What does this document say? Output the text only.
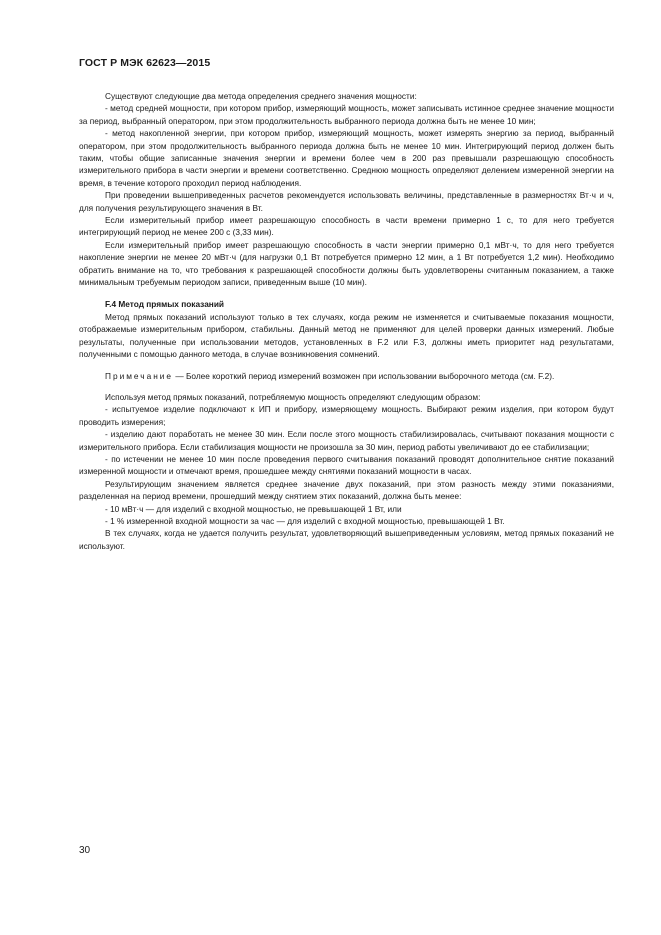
ГОСТ Р МЭК 62623—2015

Существуют следующие два метода определения среднего значения мощности:

- метод средней мощности, при котором прибор, измеряющий мощность, может записывать истинное среднее значение мощности за период, выбранный оператором, при этом продолжительность выбранного периода должна быть не менее 10 мин;

- метод накопленной энергии, при котором прибор, измеряющий мощность, может измерять энергию за период, выбранный оператором, при этом продолжительность выбранного периода должна быть не менее 10 мин. Интегрирующий период должен быть таким, чтобы общие записанные значения энергии и времени более чем в 200 раз превышали разрешающую способность измерительного прибора в части энергии и времени соответственно. Среднюю мощность определяют делением измеренной энергии на время, в течение которого проходил период наблюдения.

При проведении вышеприведенных расчетов рекомендуется использовать величины, представленные в размерностях Вт·ч и ч, для получения результирующего значения в Вт.

Если измерительный прибор имеет разрешающую способность в части времени примерно 1 с, то для него требуется интегрирующий период не менее 200 с (3,33 мин).

Если измерительный прибор имеет разрешающую способность в части энергии примерно 0,1 мВт·ч, то для него требуется накопление энергии не менее 20 мВт·ч (для нагрузки 0,1 Вт потребуется примерно 12 мин, а 1 Вт потребуется 1,2 мин). Необходимо обратить внимание на то, что требования к разрешающей способности должны быть удовлетворены считанным показанием, а также минимальным требуемым периодом записи, приведенным выше (10 мин).

F.4 Метод прямых показаний

Метод прямых показаний используют только в тех случаях, когда режим не изменяется и считываемые показания мощности, отображаемые измерительным прибором, стабильны. Данный метод не применяют для целей проверки данных измерений. Любые результаты, полученные при использовании методов, установленных в F.2 или F.3, должны иметь приоритет над результатами, полученными с помощью данного метода, в случае возникновения сомнений.

Примечание — Более короткий период измерений возможен при использовании выборочного метода (см. F.2).

Используя метод прямых показаний, потребляемую мощность определяют следующим образом:

- испытуемое изделие подключают к ИП и прибору, измеряющему мощность. Выбирают режим изделия, при котором будут проводить измерения;

- изделию дают поработать не менее 30 мин. Если после этого мощность стабилизировалась, считывают показания мощности с измерительного прибора. Если стабилизация мощности не произошла за 30 мин, период работы увеличивают до ее стабилизации;

- по истечении не менее 10 мин после проведения первого считывания показаний проводят дополнительное снятие показаний измеренной мощности и отмечают время, прошедшее между снятиями показаний мощности в часах.

Результирующим значением является среднее значение двух показаний, при этом разность между этими показаниями, разделенная на период времени, прошедший между снятием этих показаний, должна быть менее:

- 10 мВт·ч — для изделий с входной мощностью, не превышающей 1 Вт, или

- 1 % измеренной входной мощности за час — для изделий с входной мощностью, превышающей 1 Вт.

В тех случаях, когда не удается получить результат, удовлетворяющий вышеприведенным условиям, метод прямых показаний не используют.

30
